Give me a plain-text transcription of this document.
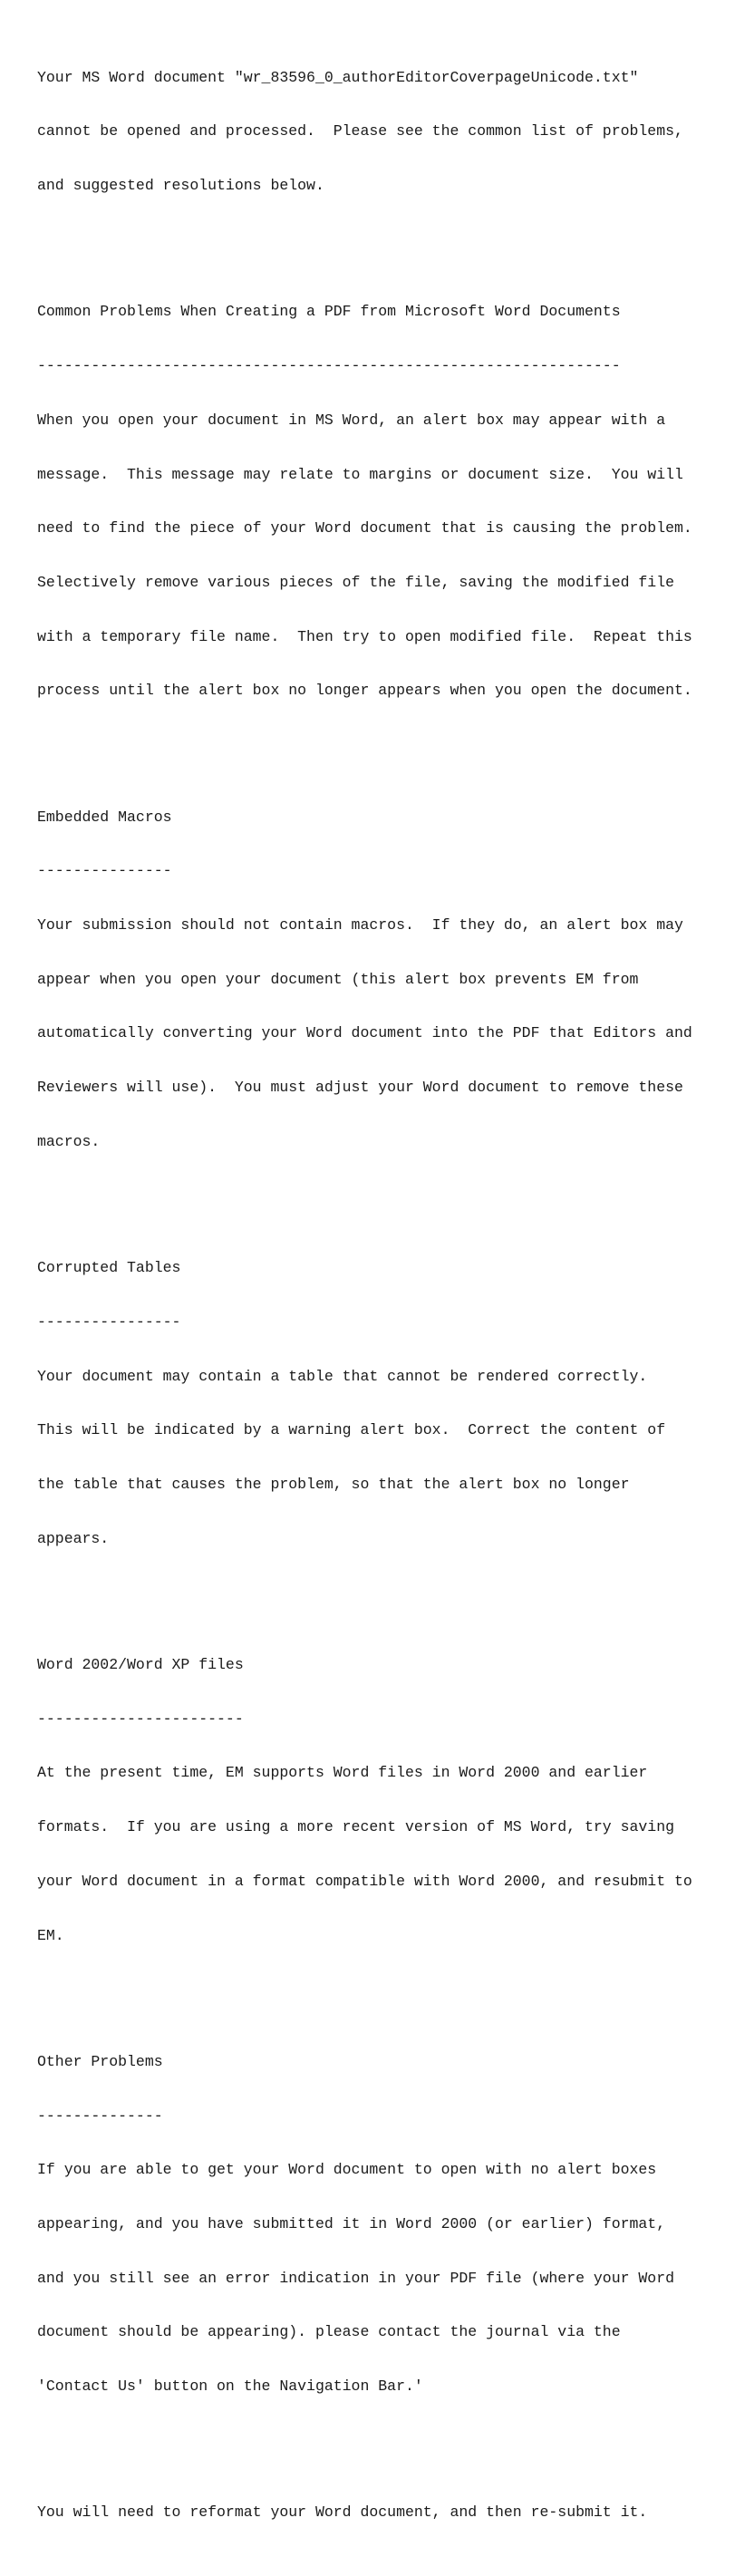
Your MS Word document "wr_83596_0_authorEditorCoverpageUnicode.txt"

cannot be opened and processed.  Please see the common list of problems,

and suggested resolutions below.

Common Problems When Creating a PDF from Microsoft Word Documents

-----------------------------------------------------------------

When you open your document in MS Word, an alert box may appear with a

message.  This message may relate to margins or document size.  You will

need to find the piece of your Word document that is causing the problem.

Selectively remove various pieces of the file, saving the modified file

with a temporary file name.  Then try to open modified file.  Repeat this

process until the alert box no longer appears when you open the document.

Embedded Macros

---------------

Your submission should not contain macros.  If they do, an alert box may

appear when you open your document (this alert box prevents EM from

automatically converting your Word document into the PDF that Editors and

Reviewers will use).  You must adjust your Word document to remove these

macros.

Corrupted Tables

----------------

Your document may contain a table that cannot be rendered correctly.

This will be indicated by a warning alert box.  Correct the content of

the table that causes the problem, so that the alert box no longer

appears.

Word 2002/Word XP files

-----------------------

At the present time, EM supports Word files in Word 2000 and earlier

formats.  If you are using a more recent version of MS Word, try saving

your Word document in a format compatible with Word 2000, and resubmit to

EM.

Other Problems

--------------

If you are able to get your Word document to open with no alert boxes

appearing, and you have submitted it in Word 2000 (or earlier) format,

and you still see an error indication in your PDF file (where your Word

document should be appearing). please contact the journal via the

'Contact Us' button on the Navigation Bar.'

You will need to reformat your Word document, and then re-submit it.
